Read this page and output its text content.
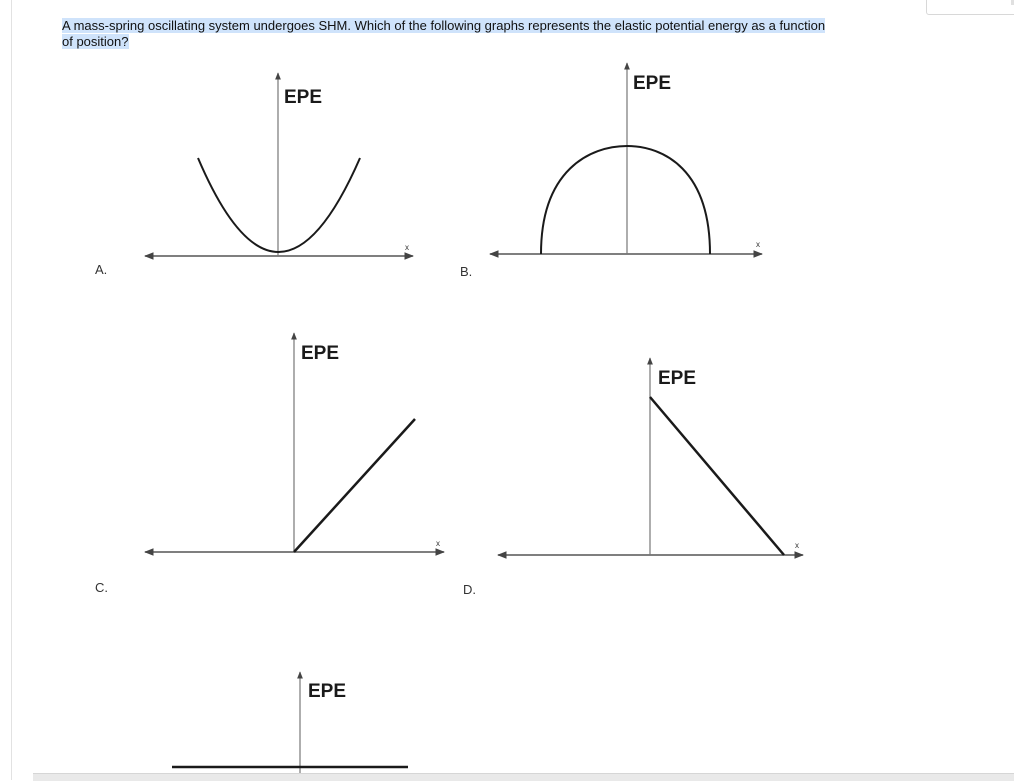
A mass-spring oscillating system undergoes SHM. Which of the following graphs represents the elastic potential energy as a function
of position?
A.	B.
C.	D.
EPE
x
EPE
x
EPE
x
EPE
x
EPE
